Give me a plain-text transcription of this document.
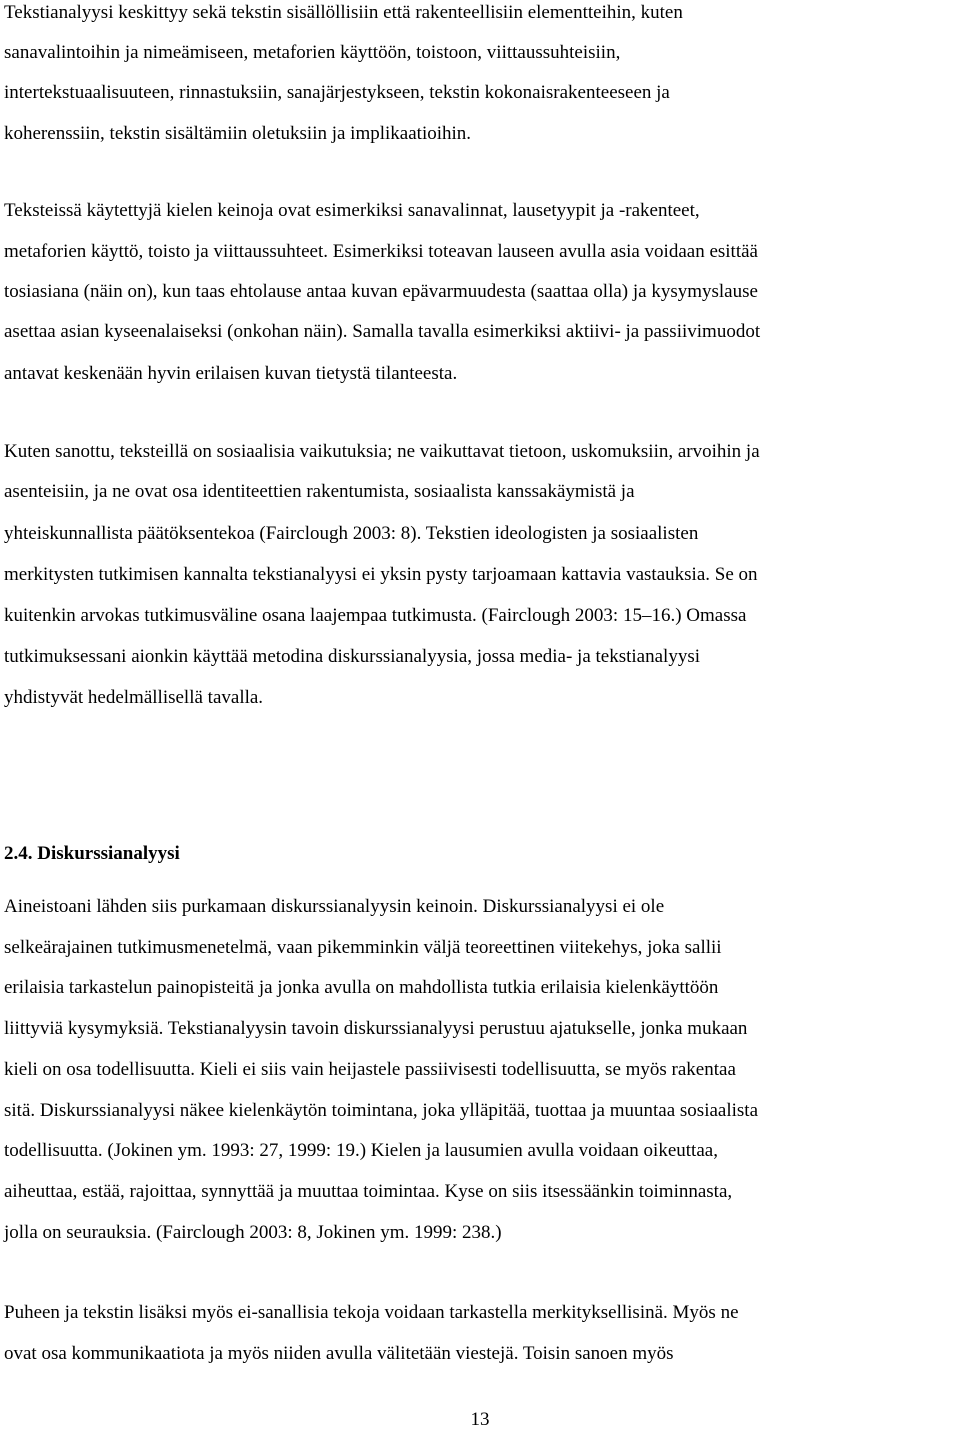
Tekstianalyysi keskittyy sekä tekstin sisällöllisiin että rakenteellisiin elementteihin, kuten
sanavalintoihin ja nimeämiseen, metaforien käyttöön, toistoon, viittaussuhteisiin,
intertekstuaalisuuteen, rinnastuksiin, sanajärjestykseen, tekstin kokonaisrakenteeseen ja
koherenssiin, tekstin sisältämiin oletuksiin ja implikaatioihin.
Teksteissä käytettyjä kielen keinoja ovat esimerkiksi sanavalinnat, lausetyypit ja -rakenteet,
metaforien käyttö, toisto ja viittaussuhteet. Esimerkiksi toteavan lauseen avulla asia voidaan esittää
tosiasiana (näin on), kun taas ehtolause antaa kuvan epävarmuudesta (saattaa olla) ja kysymyslause
asettaa asian kyseenalaiseksi (onkohan näin). Samalla tavalla esimerkiksi aktiivi- ja passiivimuodot
antavat keskenään hyvin erilaisen kuvan tietystä tilanteesta.
Kuten sanottu, teksteillä on sosiaalisia vaikutuksia; ne vaikuttavat tietoon, uskomuksiin, arvoihin ja
asenteisiin, ja ne ovat osa identiteettien rakentumista, sosiaalista kanssakäymistä ja
yhteiskunnallista päätöksentekoa (Fairclough 2003: 8). Tekstien ideologisten ja sosiaalisten
merkitysten tutkimisen kannalta tekstianalyysi ei yksin pysty tarjoamaan kattavia vastauksia. Se on
kuitenkin arvokas tutkimusväline osana laajempaa tutkimusta. (Fairclough 2003: 15‒16.) Omassa
tutkimuksessani aionkin käyttää metodina diskurssianalyysia, jossa media- ja tekstianalyysi
yhdistyvät hedelmällisellä tavalla.
2.4. Diskurssianalyysi
Aineistoani lähden siis purkamaan diskurssianalyysin keinoin. Diskurssianalyysi ei ole
selkeärajainen tutkimusmenetelmä, vaan pikemminkin väljä teoreettinen viitekehys, joka sallii
erilaisia tarkastelun painopisteitä ja jonka avulla on mahdollista tutkia erilaisia kielenkäyttöön
liittyviä kysymyksiä. Tekstianalyysin tavoin diskurssianalyysi perustuu ajatukselle, jonka mukaan
kieli on osa todellisuutta. Kieli ei siis vain heijastele passiivisesti todellisuutta, se myös rakentaa
sitä. Diskurssianalyysi näkee kielenkäytön toimintana, joka ylläpitää, tuottaa ja muuntaa sosiaalista
todellisuutta. (Jokinen ym. 1993: 27, 1999: 19.) Kielen ja lausumien avulla voidaan oikeuttaa,
aiheuttaa, estää, rajoittaa, synnyttää ja muuttaa toimintaa. Kyse on siis itsessäänkin toiminnasta,
jolla on seurauksia. (Fairclough 2003: 8, Jokinen ym. 1999: 238.)
Puheen ja tekstin lisäksi myös ei-sanallisia tekoja voidaan tarkastella merkityksellisinä. Myös ne
ovat osa kommunikaatiota ja myös niiden avulla välitetään viestejä. Toisin sanoen myös
13
